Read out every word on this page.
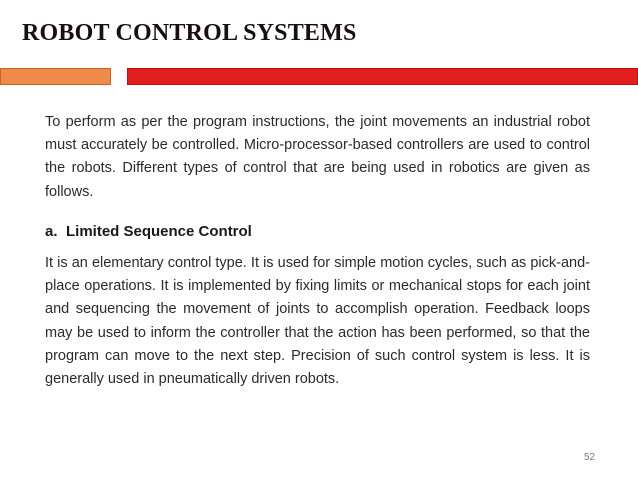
ROBOT CONTROL SYSTEMS

To perform as per the program instructions, the joint movements an industrial robot must accurately be controlled. Micro-processor-based controllers are used to control the robots. Different types of control that are being used in robotics are given as follows.

a. Limited Sequence Control

It is an elementary control type. It is used for simple motion cycles, such as pick-and-place operations. It is implemented by fixing limits or mechanical stops for each joint and sequencing the movement of joints to accomplish operation. Feedback loops may be used to inform the controller that the action has been performed, so that the program can move to the next step. Precision of such control system is less. It is generally used in pneumatically driven robots.

52
